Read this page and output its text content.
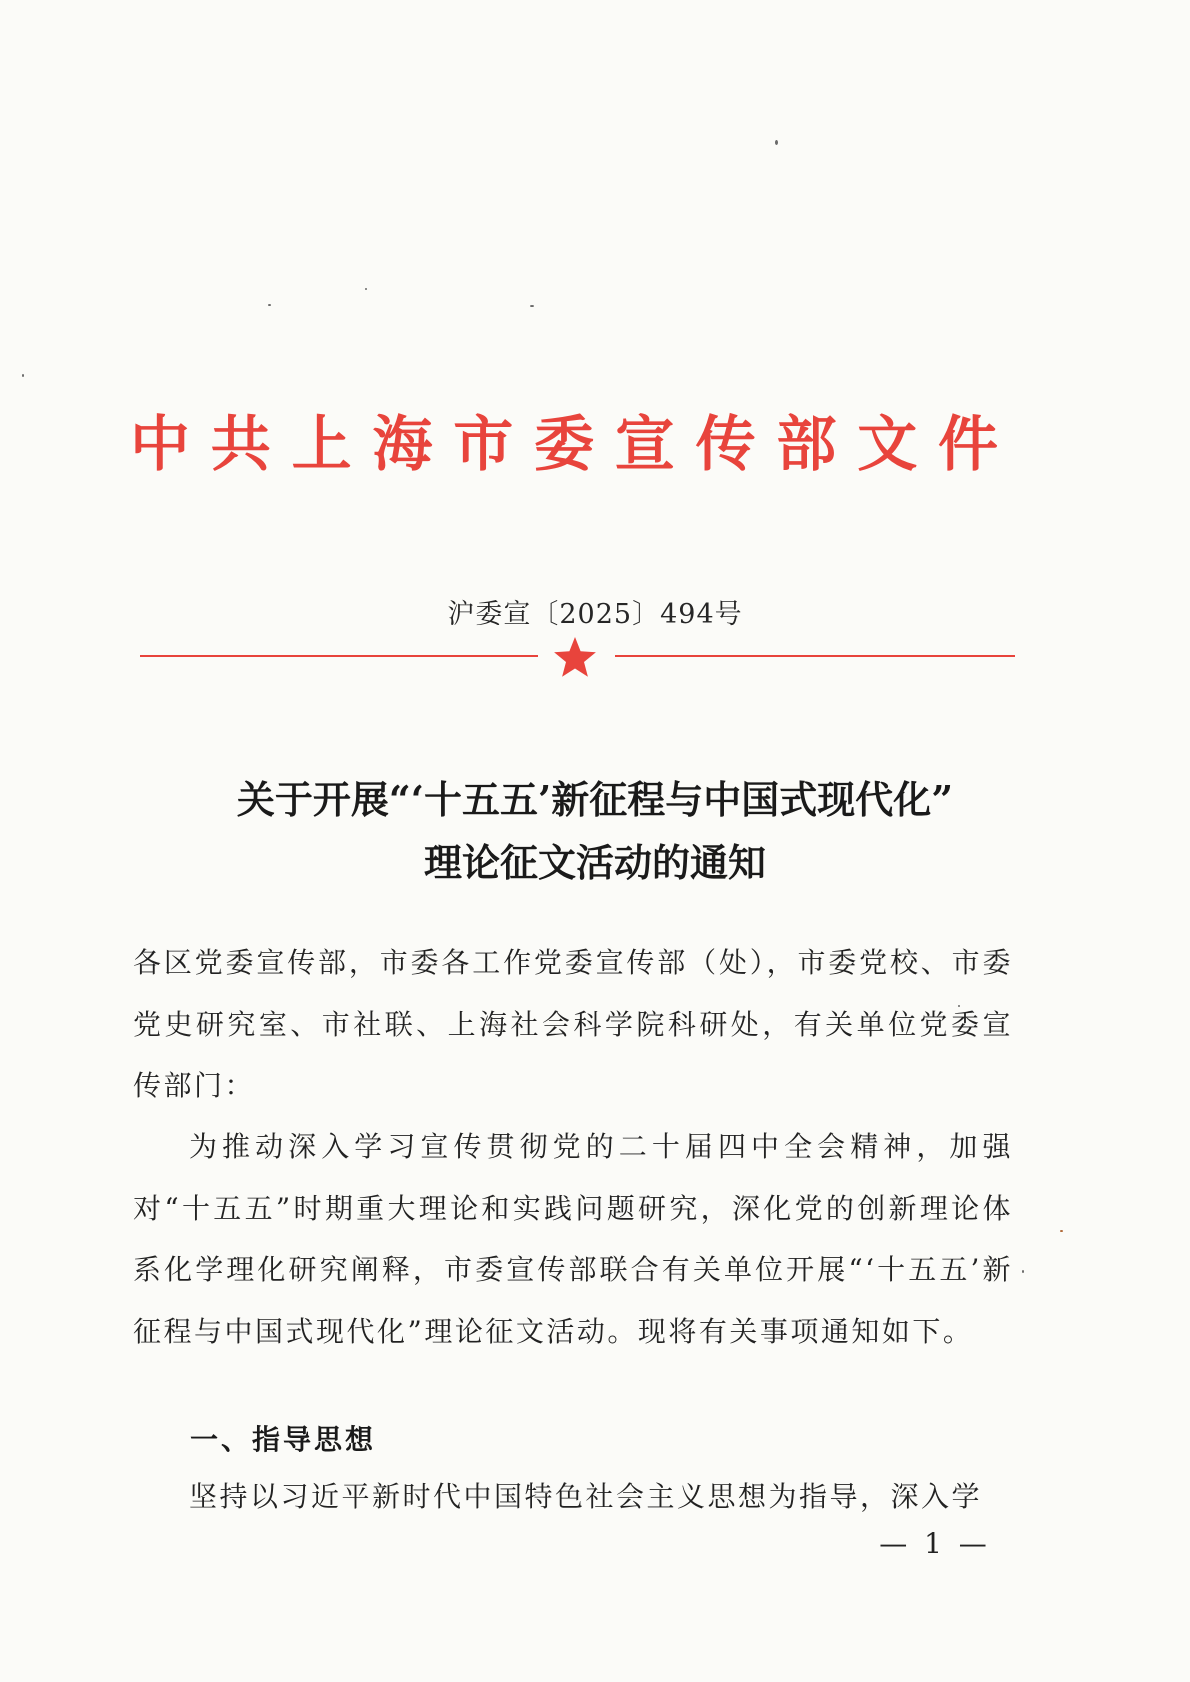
中共上海市委宣传部文件
沪委宣〔2025〕494号
关于开展“‘十五五’新征程与中国式现代化”
理论征文活动的通知

各区党委宣传部，市委各工作党委宣传部（处），市委党校、市委党史研究室、市社联、上海社会科学院科研处，有关单位党委宣传部门：

为推动深入学习宣传贯彻党的二十届四中全会精神，加强对“十五五”时期重大理论和实践问题研究，深化党的创新理论体系化学理化研究阐释，市委宣传部联合有关单位开展“‘十五五’新征程与中国式现代化”理论征文活动。现将有关事项通知如下。

一、指导思想

坚持以习近平新时代中国特色社会主义思想为指导，深入学

— 1 —
